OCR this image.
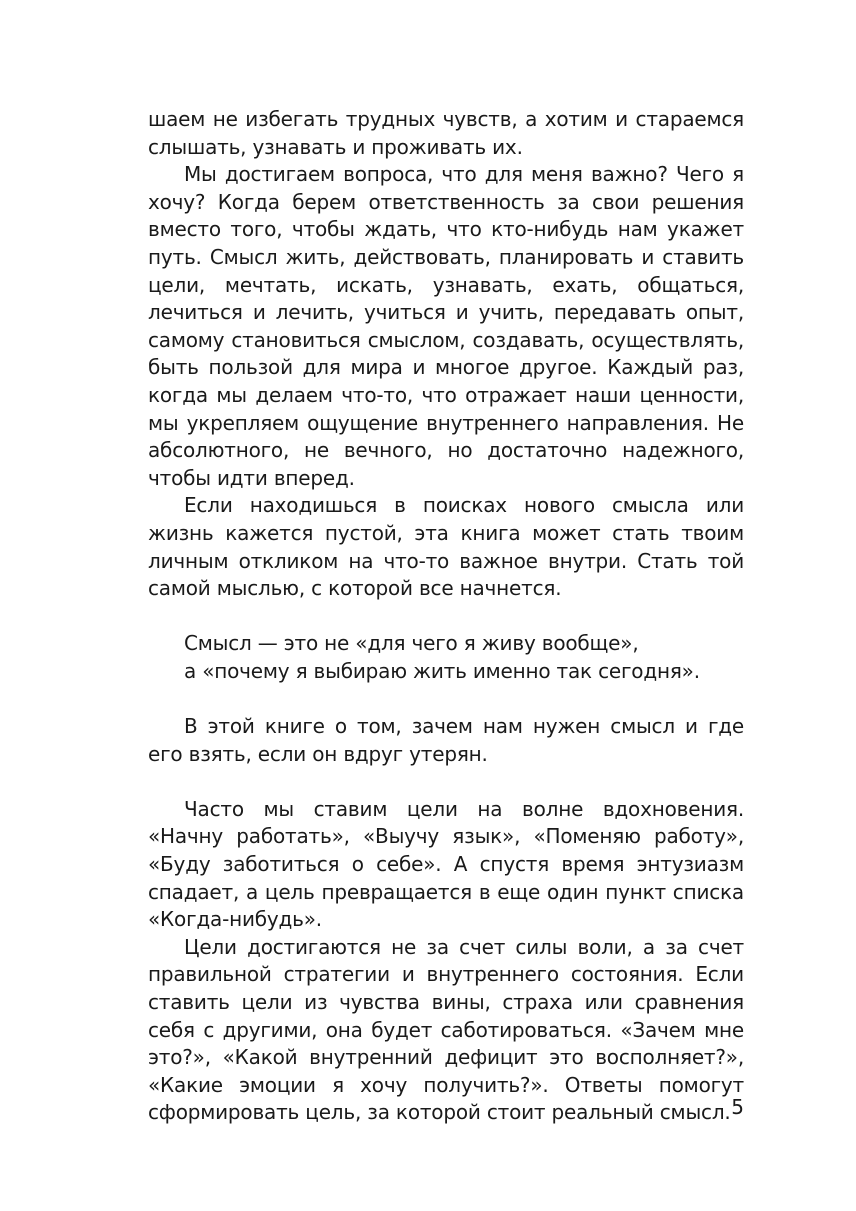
шаем не избегать трудных чувств, а хотим и стараемся слышать, узнавать и проживать их.

Мы достигаем вопроса, что для меня важно? Чего я хочу? Когда берем ответственность за свои решения вместо того, чтобы ждать, что кто-нибудь нам укажет путь. Смысл жить, действовать, планировать и ставить цели, мечтать, искать, узнавать, ехать, общаться, лечиться и лечить, учиться и учить, передавать опыт, самому становиться смыслом, создавать, осуществлять, быть пользой для мира и многое другое. Каждый раз, когда мы делаем что-то, что отражает наши ценности, мы укрепляем ощущение внутреннего направления. Не абсолютного, не вечного, но достаточно надежного, чтобы идти вперед.

Если находишься в поисках нового смысла или жизнь кажется пустой, эта книга может стать твоим личным откликом на что-то важное внутри. Стать той самой мыслью, с которой все начнется.

Смысл — это не «для чего я живу вообще»,
а «почему я выбираю жить именно так сегодня».

В этой книге о том, зачем нам нужен смысл и где его взять, если он вдруг утерян.

Часто мы ставим цели на волне вдохновения. «Начну работать», «Выучу язык», «Поменяю работу», «Буду заботиться о себе». А спустя время энтузиазм спадает, а цель превращается в еще один пункт списка «Когда-нибудь».

Цели достигаются не за счет силы воли, а за счет правильной стратегии и внутреннего состояния. Если ставить цели из чувства вины, страха или сравнения себя с другими, она будет саботироваться. «Зачем мне это?», «Какой внутренний дефицит это восполняет?», «Какие эмоции я хочу получить?». Ответы помогут сформировать цель, за которой стоит реальный смысл. 5
